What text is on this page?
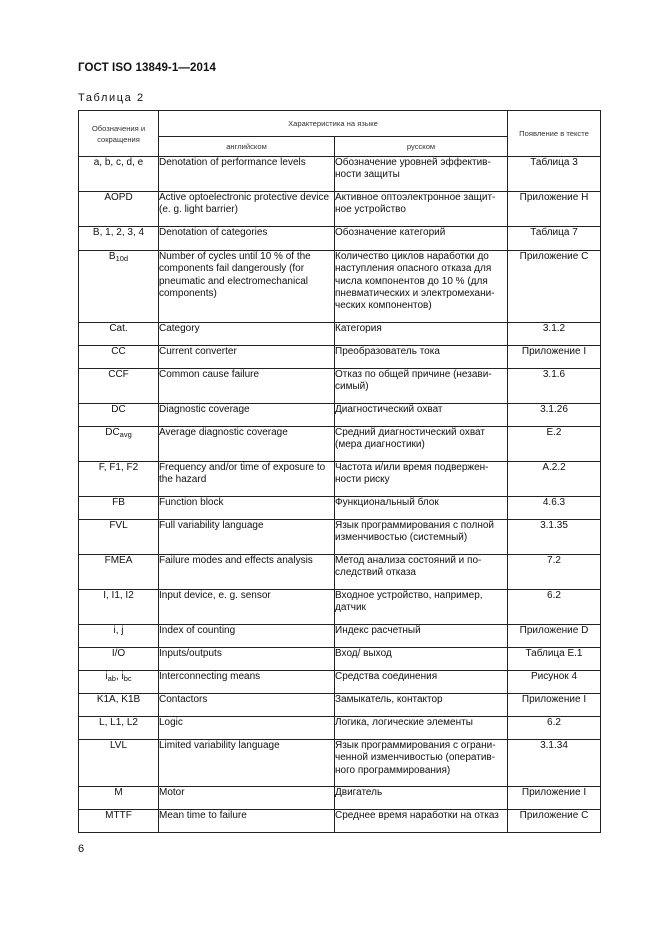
ГОСТ ISO 13849-1—2014
Таблица 2
Обозначения и сокращения	Характеристика на языке		Появление в тексте
	английском	русском	
a, b, c, d, e	Denotation of performance levels	Обозначение уровней эффектив-ности защиты	Таблица 3
AOPD	Active optoelectronic protective device (e. g. light barrier)	Активное оптоэлектронное защит-ное устройство	Приложение Н
B, 1, 2, 3, 4	Denotation of categories	Обозначение категорий	Таблица 7
$B_{10d}$	Number of cycles until 10 % of the components fail dangerously (for pneumatic and electromechanical components)	Количество циклов наработки до наступления опасного отказа для числа компонентов до 10 % (для пневматических и электромехани-ческих компонентов)	Приложение С
Cat.	Category	Категория	3.1.2
CC	Current converter	Преобразователь тока	Приложение I
CCF	Common cause failure	Отказ по общей причине (незави-симый)	3.1.6
DC	Diagnostic coverage	Диагностический охват	3.1.26
$DC_{avg}$	Average diagnostic coverage	Средний диагностический охват (мера диагностики)	E.2
F, F1, F2	Frequency and/or time of exposure to the hazard	Частота и/или время подвержен-ности риску	A.2.2
FB	Function block	Функциональный блок	4.6.3
FVL	Full variability language	Язык программирования с полной изменчивостью (системный)	3.1.35
FMEA	Failure modes and effects analysis	Метод анализа состояний и по-следствий отказа	7.2
I, I1, I2	Input device, e. g. sensor	Входное устройство, например, датчик	6.2
i, j	Index of counting	Индекс расчетный	Приложение D
I/O	Inputs/outputs	Вход/ выход	Таблица Е.1
$i_{ab}$, $i_{bc}$	Interconnecting means	Средства соединения	Рисунок 4
K1A, K1B	Contactors	Замыкатель, контактор	Приложение I
L, L1, L2	Logic	Логика, логические элементы	6.2
LVL	Limited variability language	Язык программирования с ограни-ченной изменчивостью (оператив-ного программирования)	3.1.34
M	Motor	Двигатель	Приложение I
MTTF	Mean time to failure	Среднее время наработки на отказ	Приложение С
6
